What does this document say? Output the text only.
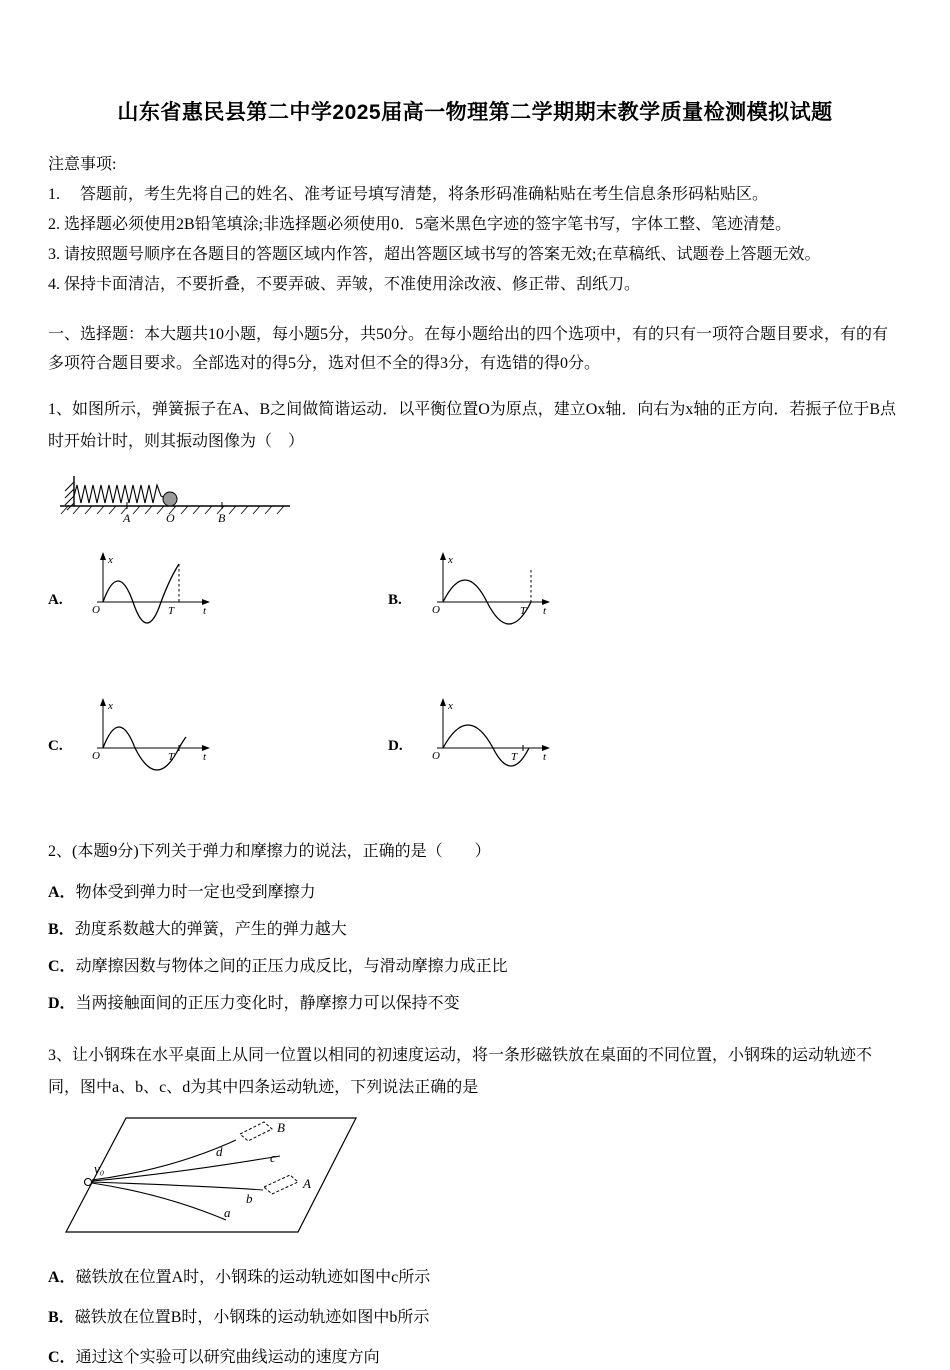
山东省惠民县第二中学2025届高一物理第二学期期末教学质量检测模拟试题
注意事项:
1.　 答题前，考生先将自己的姓名、准考证号填写清楚，将条形码准确粘贴在考生信息条形码粘贴区。
2. 选择题必须使用2B铅笔填涂;非选择题必须使用0．5毫米黑色字迹的签字笔书写，字体工整、笔迹清楚。
3. 请按照题号顺序在各题目的答题区域内作答，超出答题区域书写的答案无效;在草稿纸、试题卷上答题无效。
4. 保持卡面清洁，不要折叠，不要弄破、弄皱，不准使用涂改液、修正带、刮纸刀。

一、选择题：本大题共10小题，每小题5分，共50分。在每小题给出的四个选项中，有的只有一项符合题目要求，有的有多项符合题目要求。全部选对的得5分，选对但不全的得3分，有选错的得0分。

1、如图所示，弹簧振子在A、B之间做简谐运动．以平衡位置O为原点，建立Ox轴．向右为x轴的正方向．若振子位于B点时开始计时，则其振动图像为（　）

A	O	B
A.
x
O	T	t
B.
x
O	T t
C.
x
O	T	t
D.
x
O	T t

2、(本题9分)下列关于弹力和摩擦力的说法，正确的是（　　）

A．物体受到弹力时一定也受到摩擦力
B．劲度系数越大的弹簧，产生的弹力越大
C．动摩擦因数与物体之间的正压力成反比，与滑动摩擦力成正比
D．当两接触面间的正压力变化时，静摩擦力可以保持不变

3、让小钢珠在水平桌面上从同一位置以相同的初速度运动，将一条形磁铁放在桌面的不同位置，小钢珠的运动轨迹不同，图中a、b、c、d为其中四条运动轨迹，下列说法正确的是

v₀
d	c
b
a
B
A
A．磁铁放在位置A时，小钢珠的运动轨迹如图中c所示
B．磁铁放在位置B时，小钢珠的运动轨迹如图中b所示
C．通过这个实验可以研究曲线运动的速度方向
